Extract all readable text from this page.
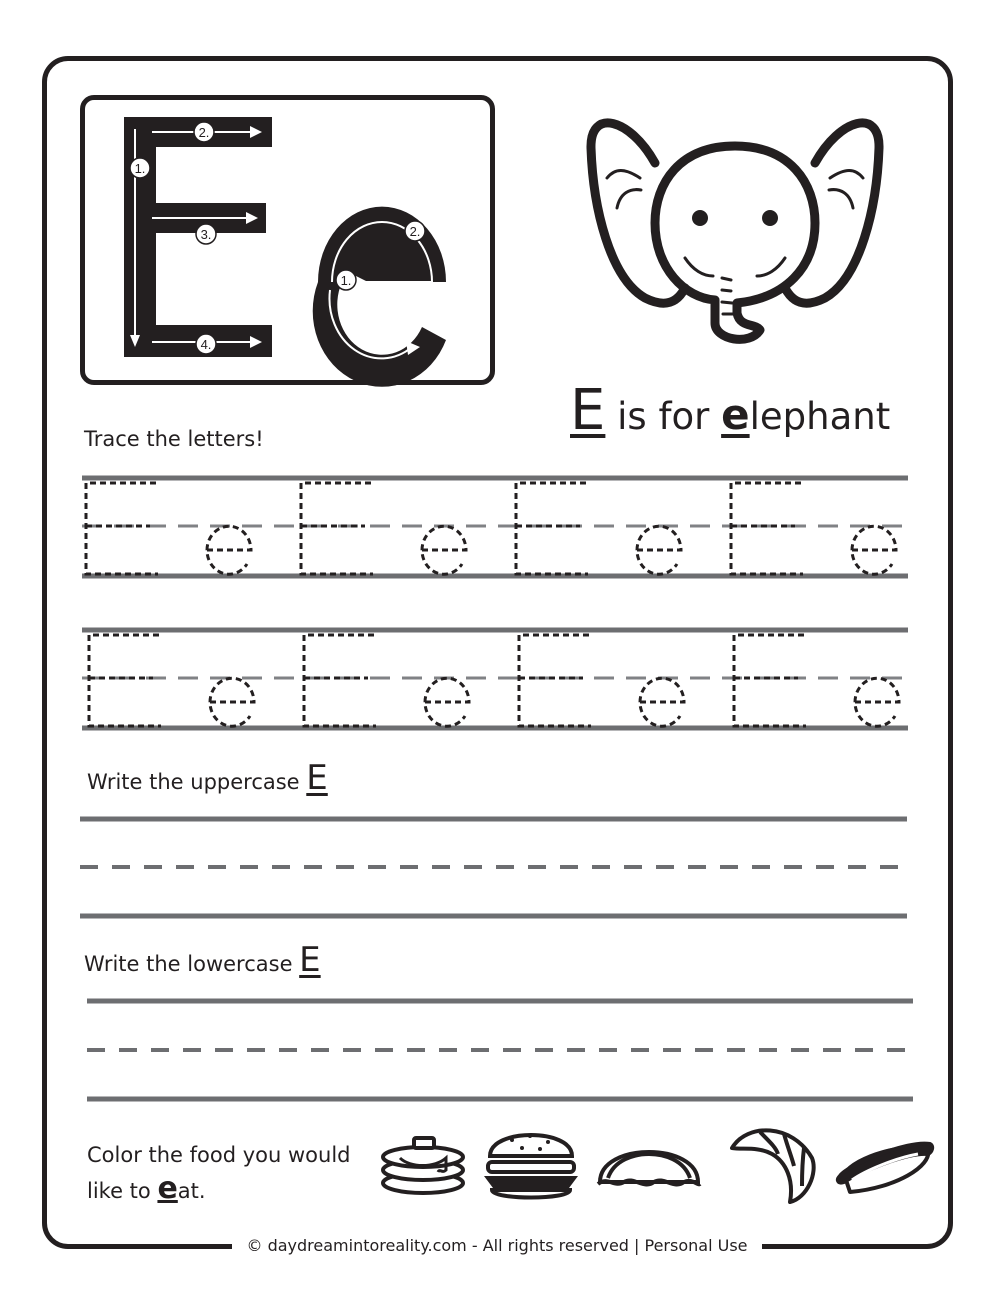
1.
2.
3.
4.
1.
2.
E is for elephant
Trace the letters!
Write the uppercase E
Write the lowercase E
Color the food you would
like to eat.
© daydreamintoreality.com - All rights reserved | Personal Use
